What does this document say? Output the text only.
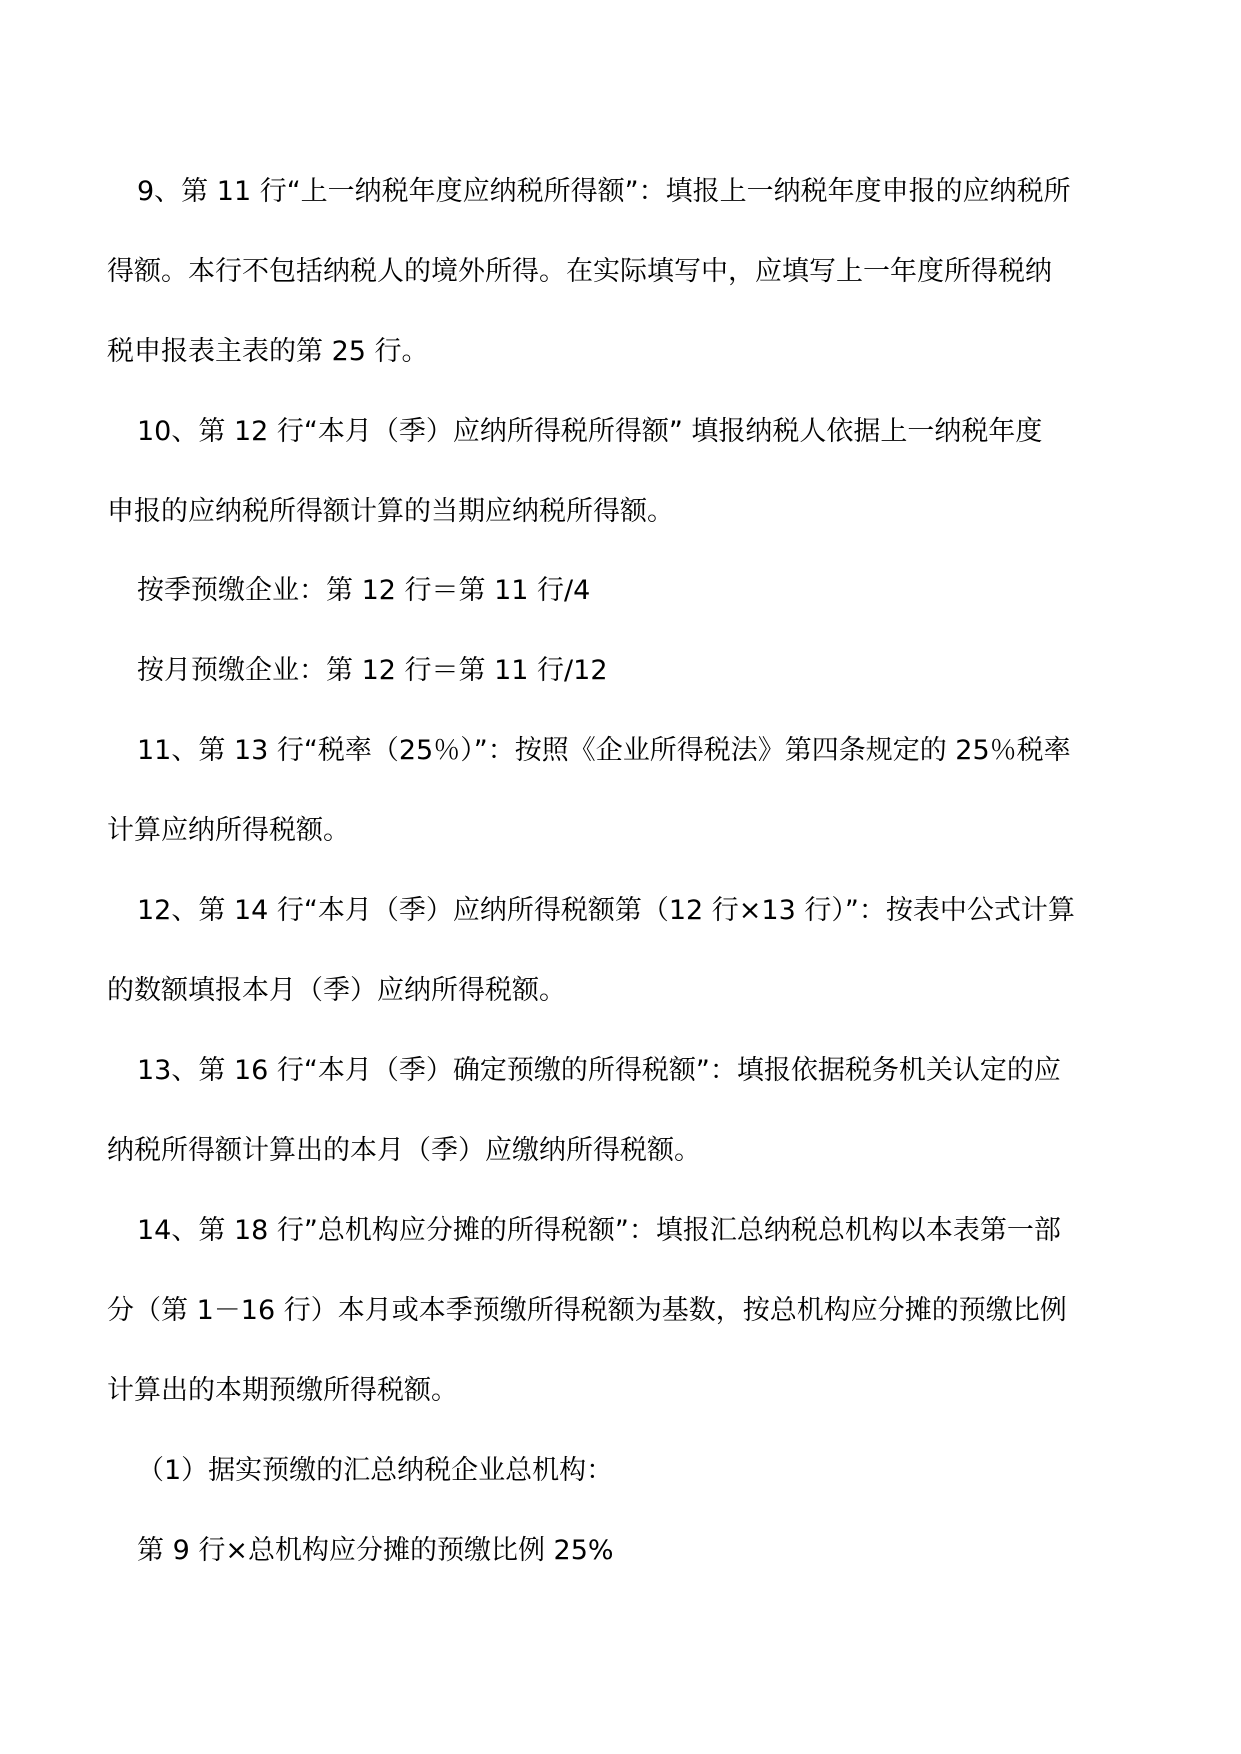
9、第 11 行“上一纳税年度应纳税所得额”：填报上一纳税年度申报的应纳税所
得额。本行不包括纳税人的境外所得。在实际填写中，应填写上一年度所得税纳
税申报表主表的第 25 行。
10、第 12 行“本月（季）应纳所得税所得额” 填报纳税人依据上一纳税年度
申报的应纳税所得额计算的当期应纳税所得额。
按季预缴企业：第 12 行＝第 11 行/4
按月预缴企业：第 12 行＝第 11 行/12
11、第 13 行“税率（25％）”：按照《企业所得税法》第四条规定的 25％税率
计算应纳所得税额。
12、第 14 行“本月（季）应纳所得税额第（12 行×13 行）”：按表中公式计算
的数额填报本月（季）应纳所得税额。
13、第 16 行“本月（季）确定预缴的所得税额”：填报依据税务机关认定的应
纳税所得额计算出的本月（季）应缴纳所得税额。
14、第 18 行”总机构应分摊的所得税额”：填报汇总纳税总机构以本表第一部
分（第 1－16 行）本月或本季预缴所得税额为基数，按总机构应分摊的预缴比例
计算出的本期预缴所得税额。
（1）据实预缴的汇总纳税企业总机构：
第 9 行×总机构应分摊的预缴比例 25%
